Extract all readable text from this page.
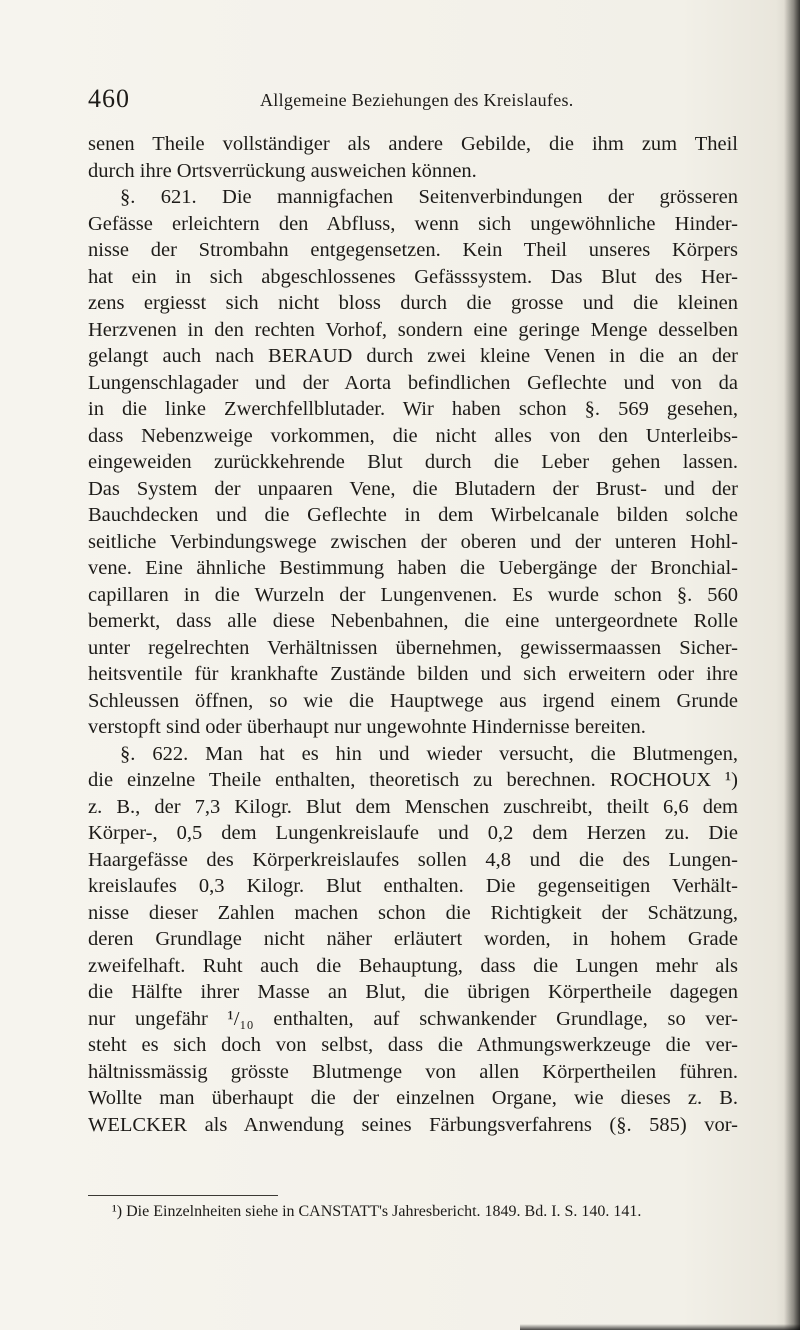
460	Allgemeine Beziehungen des Kreislaufes.
senen Theile vollständiger als andere Gebilde, die ihm zum Theil
durch ihre Ortsverrückung ausweichen können.
§. 621. Die mannigfachen Seitenverbindungen der grösseren
Gefässe erleichtern den Abfluss, wenn sich ungewöhnliche Hinder-
nisse der Strombahn entgegensetzen. Kein Theil unseres Körpers
hat ein in sich abgeschlossenes Gefässsystem. Das Blut des Her-
zens ergiesst sich nicht bloss durch die grosse und die kleinen
Herzvenen in den rechten Vorhof, sondern eine geringe Menge desselben
gelangt auch nach BERAUD durch zwei kleine Venen in die an der
Lungenschlagader und der Aorta befindlichen Geflechte und von da
in die linke Zwerchfellblutader. Wir haben schon §. 569 gesehen,
dass Nebenzweige vorkommen, die nicht alles von den Unterleibs-
eingeweiden zurückkehrende Blut durch die Leber gehen lassen.
Das System der unpaaren Vene, die Blutadern der Brust- und der
Bauchdecken und die Geflechte in dem Wirbelcanale bilden solche
seitliche Verbindungswege zwischen der oberen und der unteren Hohl-
vene. Eine ähnliche Bestimmung haben die Uebergänge der Bronchial-
capillaren in die Wurzeln der Lungenvenen. Es wurde schon §. 560
bemerkt, dass alle diese Nebenbahnen, die eine untergeordnete Rolle
unter regelrechten Verhältnissen übernehmen, gewissermaassen Sicher-
heitsventile für krankhafte Zustände bilden und sich erweitern oder ihre
Schleussen öffnen, so wie die Hauptwege aus irgend einem Grunde
verstopft sind oder überhaupt nur ungewohnte Hindernisse bereiten.
§. 622. Man hat es hin und wieder versucht, die Blutmengen,
die einzelne Theile enthalten, theoretisch zu berechnen. ROCHOUX ¹)
z. B., der 7,3 Kilogr. Blut dem Menschen zuschreibt, theilt 6,6 dem
Körper-, 0,5 dem Lungenkreislaufe und 0,2 dem Herzen zu. Die
Haargefässe des Körperkreislaufes sollen 4,8 und die des Lungen-
kreislaufes 0,3 Kilogr. Blut enthalten. Die gegenseitigen Verhält-
nisse dieser Zahlen machen schon die Richtigkeit der Schätzung,
deren Grundlage nicht näher erläutert worden, in hohem Grade
zweifelhaft. Ruht auch die Behauptung, dass die Lungen mehr als
die Hälfte ihrer Masse an Blut, die übrigen Körpertheile dagegen
nur ungefähr ¹/₁₀ enthalten, auf schwankender Grundlage, so ver-
steht es sich doch von selbst, dass die Athmungswerkzeuge die ver-
hältnissmässig grösste Blutmenge von allen Körpertheilen führen.
Wollte man überhaupt die der einzelnen Organe, wie dieses z. B.
WELCKER als Anwendung seines Färbungsverfahrens (§. 585) vor-
¹) Die Einzelnheiten siehe in CANSTATT's Jahresbericht. 1849. Bd. I. S. 140. 141.
